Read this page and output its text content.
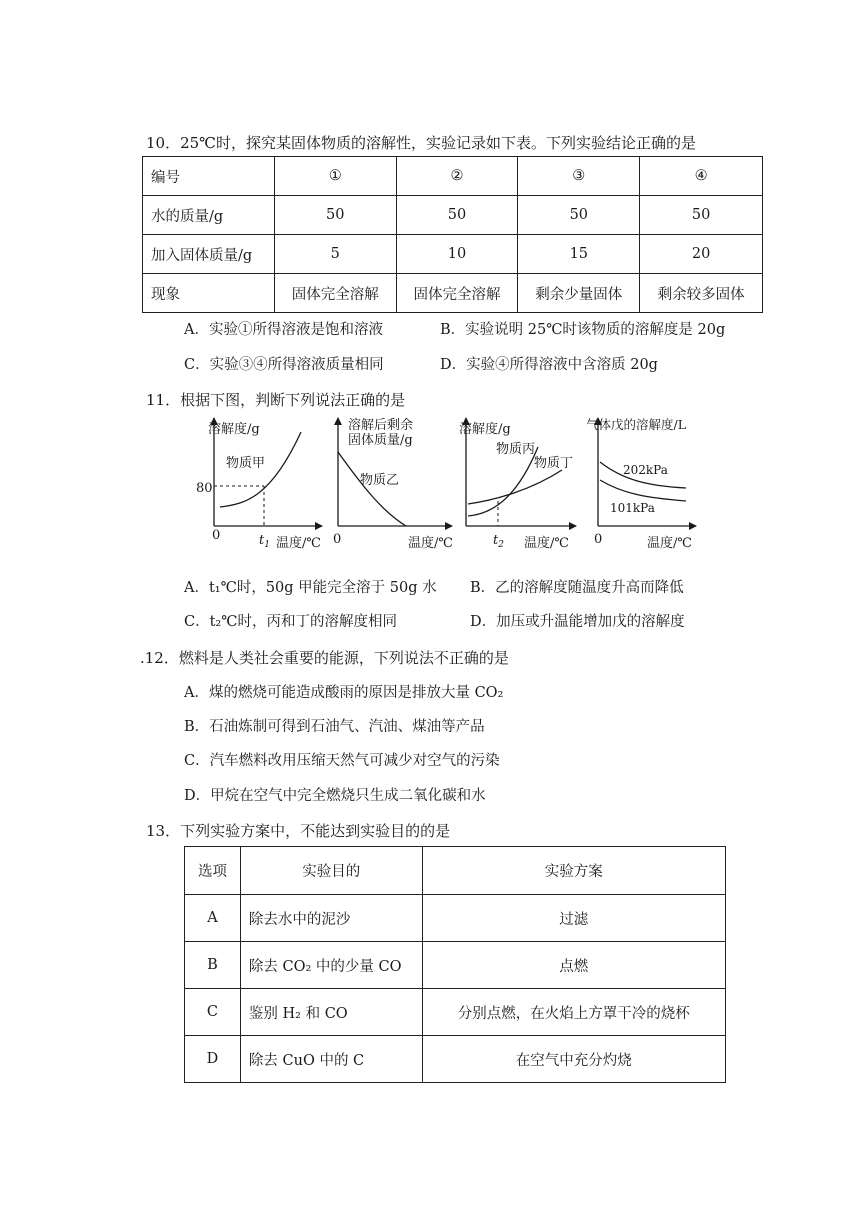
10．25℃时，探究某固体物质的溶解性，实验记录如下表。下列实验结论正确的是
编号	①	②	③	④
水的质量/g	50	50	50	50
加入固体质量/g	5	10	15	20
现象	固体完全溶解	固体完全溶解	剩余少量固体	剩余较多固体
A．实验①所得溶液是饱和溶液	B．实验说明 25℃时该物质的溶解度是 20g
C．实验③④所得溶液质量相同	D．实验④所得溶液中含溶质 20g
11．根据下图，判断下列说法正确的是
溶解度/g
物质甲
80
0	$t_1$ 温度/℃
溶解后剩余
固体质量/g
物质乙
0	温度/℃
溶解度/g
物质丙
物质丁
$t_2$ 温度/℃
气体戊的溶解度/L
202kPa
101kPa
0	温度/℃
A．t₁℃时，50g 甲能完全溶于 50g 水 B．乙的溶解度随温度升高而降低
C．t₂℃时，丙和丁的溶解度相同	D．加压或升温能增加戊的溶解度
.12．燃料是人类社会重要的能源，下列说法不正确的是
A．煤的燃烧可能造成酸雨的原因是排放大量 CO₂
B．石油炼制可得到石油气、汽油、煤油等产品
C．汽车燃料改用压缩天然气可减少对空气的污染
D．甲烷在空气中完全燃烧只生成二氧化碳和水
13．下列实验方案中，不能达到实验目的的是
选项	实验目的	实验方案
A	除去水中的泥沙	过滤
B	除去 CO₂ 中的少量 CO	点燃
C	鉴别 H₂ 和 CO	分别点燃，在火焰上方罩干冷的烧杯
D	除去 CuO 中的 C	在空气中充分灼烧
